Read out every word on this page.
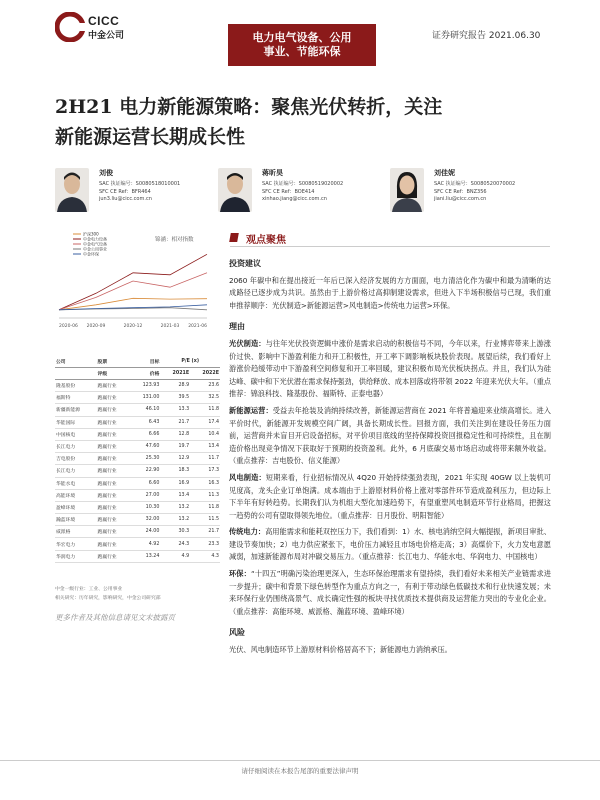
CICC
中金公司	电力电气设备、公用
事业、节能环保
证券研究报告 2021.06.30
2H21 电力新能源策略：聚焦光伏转折，关注
新能源运营长期成长性
刘俊
SAC 执证编号：S0080518010001
SFC CE Ref：BFR464
jun3.liu@cicc.com.cn
蒋昕昊
SAC 执证编号：S0080519020002
SFC CE Ref：BOE414
xinhao.jiang@cicc.com.cn
刘佳妮
SAC 执证编号：S0080520070002
SFC CE Ref：BNZ356
jiani.liu@cicc.com.cn
锦涵：相对指数
2020-06 2020-09	2020-12	2021-03 2021-06
沪深300
中金电力设备
中金电气设备
中金公用事业
中金环保
公司	股票	目标	P/E (x)	
	评级	价格	2021E	2022E
隆基股份	跑赢行业	123.93	28.9	23.6
福斯特	跑赢行业	131.00	39.5	32.5
新疆新能源	跑赢行业	46.10	13.3	11.8
华能国际	跑赢行业	6.43	21.7	17.4
中国核电	跑赢行业	6.66	12.8	10.4
长江电力	跑赢行业	47.60	19.7	13.4
吉电股份	跑赢行业	25.30	12.9	11.7
长江电力	跑赢行业	22.90	18.3	17.3
华能水电	跑赢行业	6.60	16.9	16.3
高能环境	跑赢行业	27.00	13.4	11.3
盈峰环境	跑赢行业	10.30	13.2	11.8
瀚蓝环境	跑赢行业	32.00	13.2	11.5
威派格	跑赢行业	24.00	30.3	21.7
华宏电力	跑赢行业	4.92	24.3	23.3
华润电力	跑赢行业	13.24	4.9	4.3
中金一级行业：工业、公用事业
相关研究：历年研究，影响研究，中金公司研究部
更多作者及其他信息请见文末披露页
观点聚焦
投资建议

2060 年碳中和在提出接近一年后已深入经济发展的方方面面，电力清洁化作为碳中和最为清晰的达成路径已逐步成为共识。虽然由于上游价格过高抑制建设需求，但进入下半场积极信号已现，我们重申推荐顺序：光伏制造>新能源运营>风电制造>传统电力运营>环保。

理由

光伏制造：与往年光伏投资逻辑中涨价是需求启动的积极信号不同，今年以来，行业博弈带来上游涨价过快、影响中下游盈利能力和开工积极性，开工率下调影响板块股价表现。展望后续，我们看好上游涨价趋缓带动中下游盈利空间修复和开工率回暖，建议积极布局光伏板块拐点。并且，我们认为硅达峰、碳中和下光伏潜在需求保持强劲，供给释放、成本回落或将带领 2022 年迎来光伏大年。（重点推荐：锦浪科技、隆基股份、福斯特、正泰电器）

新能源运营：受益去年抢装及消纳持续改善，新能源运营商在 2021 年将普遍迎来业绩高增长。进入平价时代，新能源开发规模空间广阔，具备长期成长性。回报方面，我们关注到在建设任务压力面前，运营商并未盲目开启设备招标，对平价项目底线的坚持保障投资回报稳定性和可持续性，且在制造价格出现竞争情况下获取好于预期的投资盈利。此外，6 月底碳交易市场启动或将带来额外收益。（重点推荐：吉电股份、信义能源）

风电制造：短期来看，行业招标情况从 4Q20 开始持续强劲表现，2021 年实现 40GW 以上装机可见度高，龙头企业订单饱满。成本端由于上游原材料价格上涨对零部件环节造成盈利压力，但边际上下半年有好转趋势。长期我们认为机组大型化加速趋势下，有望重塑风电制造环节行业格局，把握这一趋势的公司有望取得领先地位。（重点推荐：日月股份、明阳智能）

传统电力：高用能需求和能耗双控压力下，我们看到：1）水、核电消纳空间大幅提振，新项目审批、建设节奏加快；2）电力供应紧张下，电价压力减轻且市场电价格走高；3）高煤价下，火力发电意愿减弱，加速新能源布局对冲碳交易压力。（重点推荐：长江电力、华能水电、华润电力、中国核电）

环保：“十四五”明确污染治理更深入，生态环保治理需求有望持续，我们看好未来相关产业链需求进一步提升；碳中和背景下绿色转型作为重点方向之一，有利于带动绿色低碳技术和行业快速发展；未来环保行业仍围绕高景气、成长确定性强的板块寻找优质技术提供商及运营能力突出的专业化企业。（重点推荐：高能环境、威派格、瀚蓝环境、盈峰环境）

风险

光伏、风电制造环节上游原材料价格居高不下；新能源电力消纳承压。

请仔细阅读在本报告尾部的重要法律声明
